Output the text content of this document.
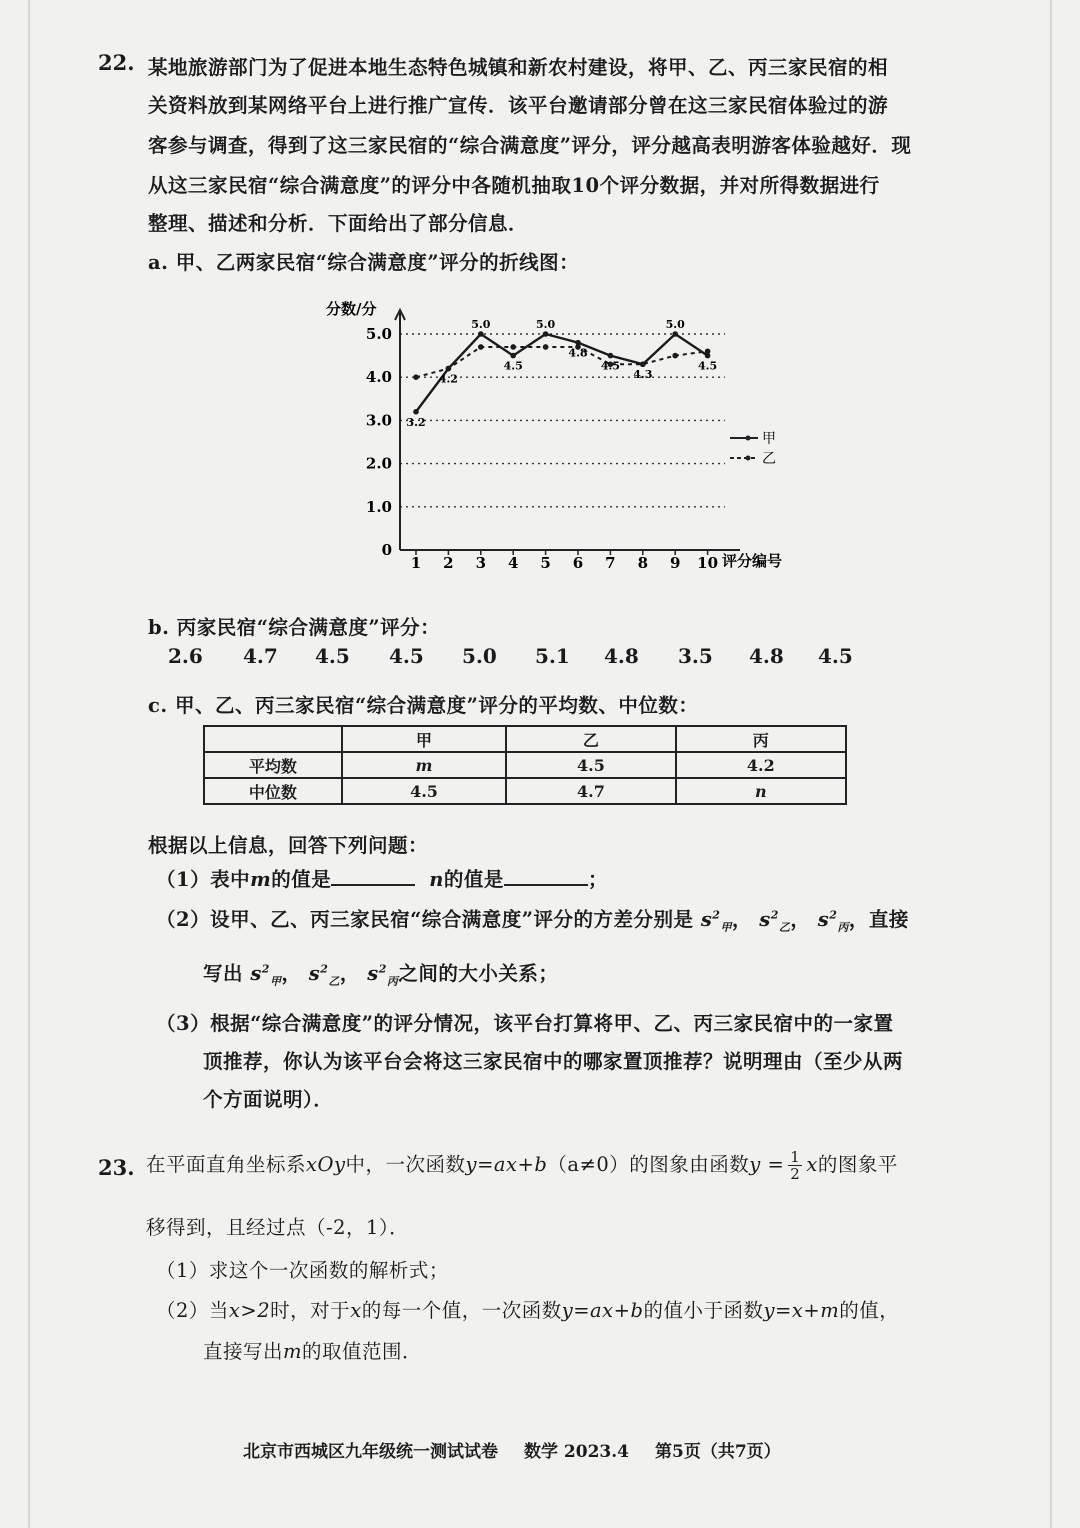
22. 某地旅游部门为了促进本地生态特色城镇和新农村建设，将甲、乙、丙三家民宿的相
关资料放到某网络平台上进行推广宣传．该平台邀请部分曾在这三家民宿体验过的游
客参与调查，得到了这三家民宿的“综合满意度”评分，评分越高表明游客体验越好．现
从这三家民宿“综合满意度”的评分中各随机抽取10个评分数据，并对所得数据进行
整理、描述和分析．下面给出了部分信息．
a. 甲、乙两家民宿“综合满意度”评分的折线图：
0
1.0
2.0
3.0
4.0
5.0
1 2 3 4 5 6 7 8 9 10
3.2
4.2
5.0
4.5
5.0
4.8
4.5
4.3
5.0
4.5
分数/分
评分编号
甲
乙
b. 丙家民宿“综合满意度”评分：
2.6 4.7 4.5 4.5 5.0 5.1 4.8 3.5 4.8 4.5
c. 甲、乙、丙三家民宿“综合满意度”评分的平均数、中位数：
	甲	乙	丙
平均数	m	4.5	4.2
中位数	4.5	4.7	n
根据以上信息，回答下列问题：
（1）表中m的值是	n的值是	；
（2）设甲、乙、丙三家民宿“综合满意度”评分的方差分别是 $s^2_甲$， $s^2_乙$， $s^2_丙$，直接
写出 $s^2_甲$， $s^2_乙$， $s^2_丙$之间的大小关系；
（3）根据“综合满意度”的评分情况，该平台打算将甲、乙、丙三家民宿中的一家置
顶推荐，你认为该平台会将这三家民宿中的哪家置顶推荐？说明理由（至少从两
个方面说明）．
23. 在平面直角坐标系xOy中，一次函数y=ax+b（a≠0）的图象由函数$y = \frac{1}{2}$ x的图象平
移得到，且经过点（-2，1）．
（1）求这个一次函数的解析式；
（2）当x>2时，对于x的每一个值，一次函数y=ax+b的值小于函数y=x+m的值，
直接写出m的取值范围．
北京市西城区九年级统一测试试卷 数学 2023.4 第5页（共7页）
